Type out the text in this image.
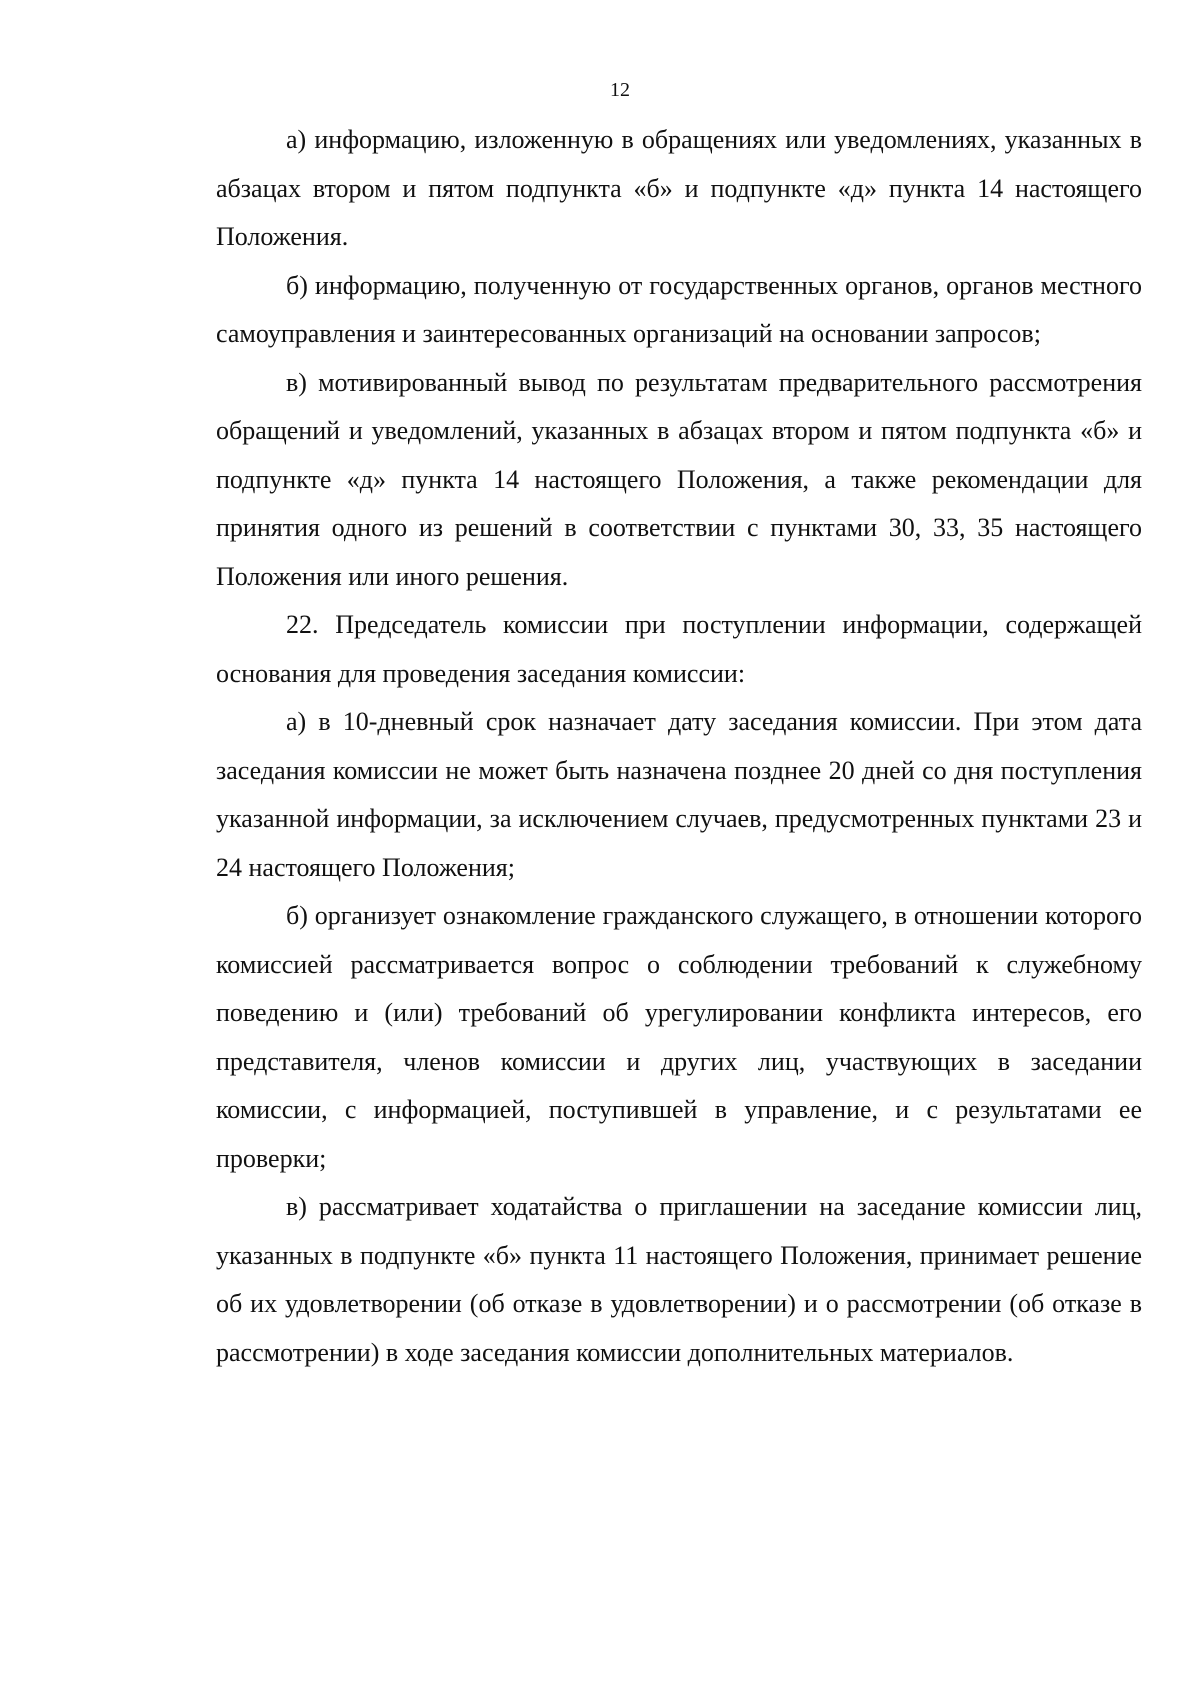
12

а) информацию, изложенную в обращениях или уведомлениях, указанных в абзацах втором и пятом подпункта «б» и подпункте «д» пункта 14 настоящего Положения.

б) информацию, полученную от государственных органов, органов местного самоуправления и заинтересованных организаций на основании запросов;

в) мотивированный вывод по результатам предварительного рассмотрения обращений и уведомлений, указанных в абзацах втором и пятом подпункта «б» и подпункте «д» пункта 14 настоящего Положения, а также рекомендации для принятия одного из решений в соответствии с пунктами 30, 33, 35 настоящего Положения или иного решения.

22. Председатель комиссии при поступлении информации, содержащей основания для проведения заседания комиссии:

а) в 10-дневный срок назначает дату заседания комиссии. При этом дата заседания комиссии не может быть назначена позднее 20 дней со дня поступления указанной информации, за исключением случаев, предусмотренных пунктами 23 и 24 настоящего Положения;

б) организует ознакомление гражданского служащего, в отношении которого комиссией рассматривается вопрос о соблюдении требований к служебному поведению и (или) требований об урегулировании конфликта интересов, его представителя, членов комиссии и других лиц, участвующих в заседании комиссии, с информацией, поступившей в управление, и с результатами ее проверки;

в) рассматривает ходатайства о приглашении на заседание комиссии лиц, указанных в подпункте «б» пункта 11 настоящего Положения, принимает решение об их удовлетворении (об отказе в удовлетворении) и о рассмотрении (об отказе в рассмотрении) в ходе заседания комиссии дополнительных материалов.
